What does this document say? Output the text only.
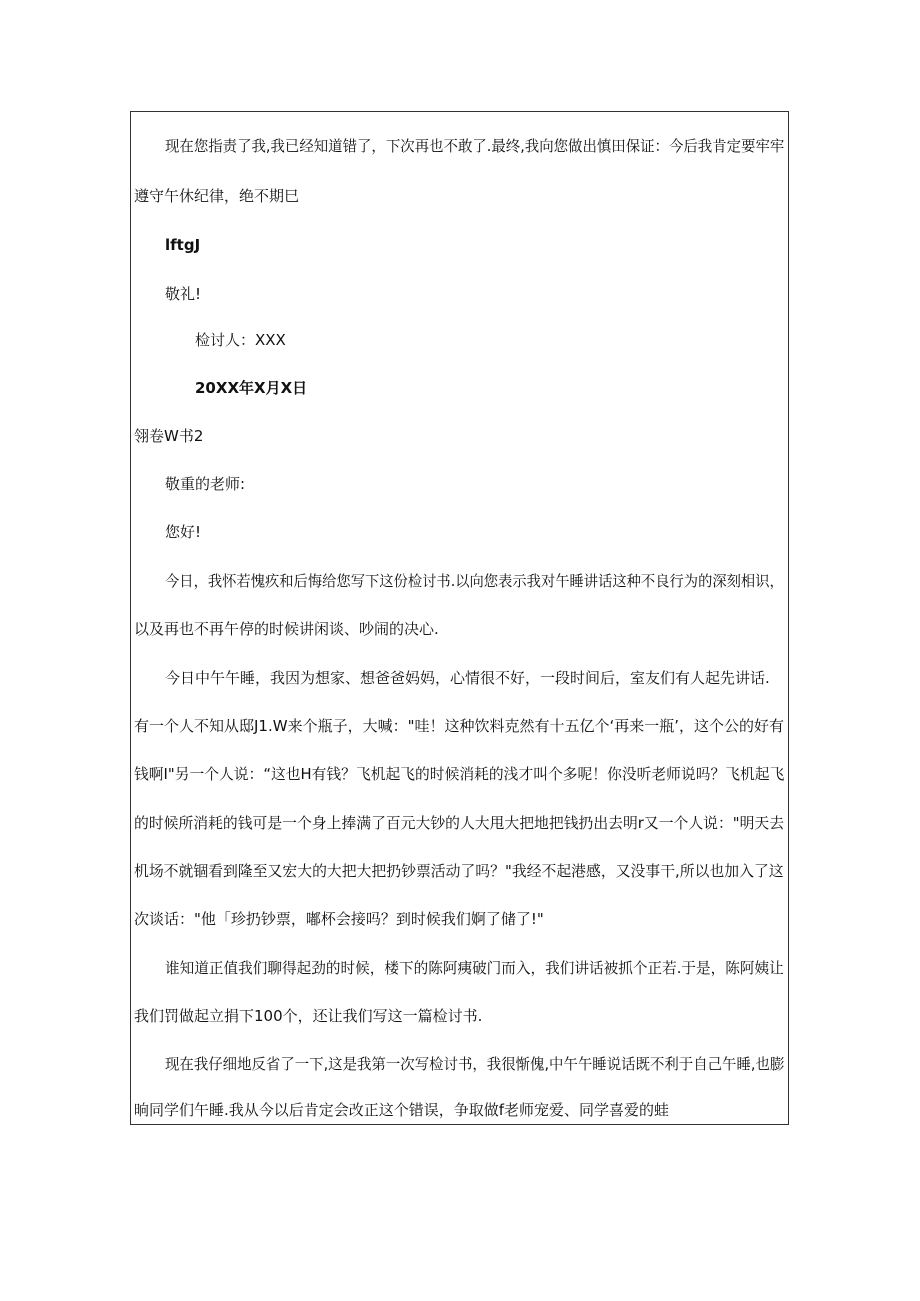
现在您指责了我,我已经知道错了，下次再也不敢了.最终,我向您做出慎田保证：今后我肯定要牢牢
遵守午休纪律，绝不期巳
lftgJ
敬礼!
检讨人：XXX
20XX年X月X日
翎卷W书2
敬重的老师:
您好!
今日，我怀若愧疚和后悔给您写下这份检讨书.以向您表示我对午睡讲话这种不良行为的深刻相识，
以及再也不再午停的时候讲闲谈、吵闹的决心.
今日中午午睡，我因为想家、想爸爸妈妈，心情很不好，一段时间后，室友们有人起先讲话.
有一个人不知从邸J1.W来个瓶子，大喊："哇！这种饮料克然有十五亿个‘再来一瓶’，这个公的好有
钱啊I"另一个人说：“这也H有钱？飞机起飞的时候消耗的浅才叫个多呢！你没听老师说吗？飞机起飞
的时候所消耗的钱可是一个身上捧满了百元大钞的人大甩大把地把钱扔出去明r又一个人说："明天去
机场不就锢看到隆至又宏大的大把大把扔钞票活动了吗？"我经不起港感，又没事干,所以也加入了这
次谈话："他「珍扔钞票，嘟杯会接吗？到时候我们婀了储了!"
谁知道正值我们聊得起劲的时候，楼下的陈阿痍破门而入，我们讲话被抓个正若.于是，陈阿姨让
我们罚做起立捐下100个，还让我们写这一篇检讨书.
现在我仔细地反省了一下,这是我第一次写检讨书，我很惭傀,中午午睡说话既不利于自己午睡,也膨
晌同学们午睡.我从今以后肯定会改正这个错误，争取做f老师宠爱、同学喜爱的蛙
